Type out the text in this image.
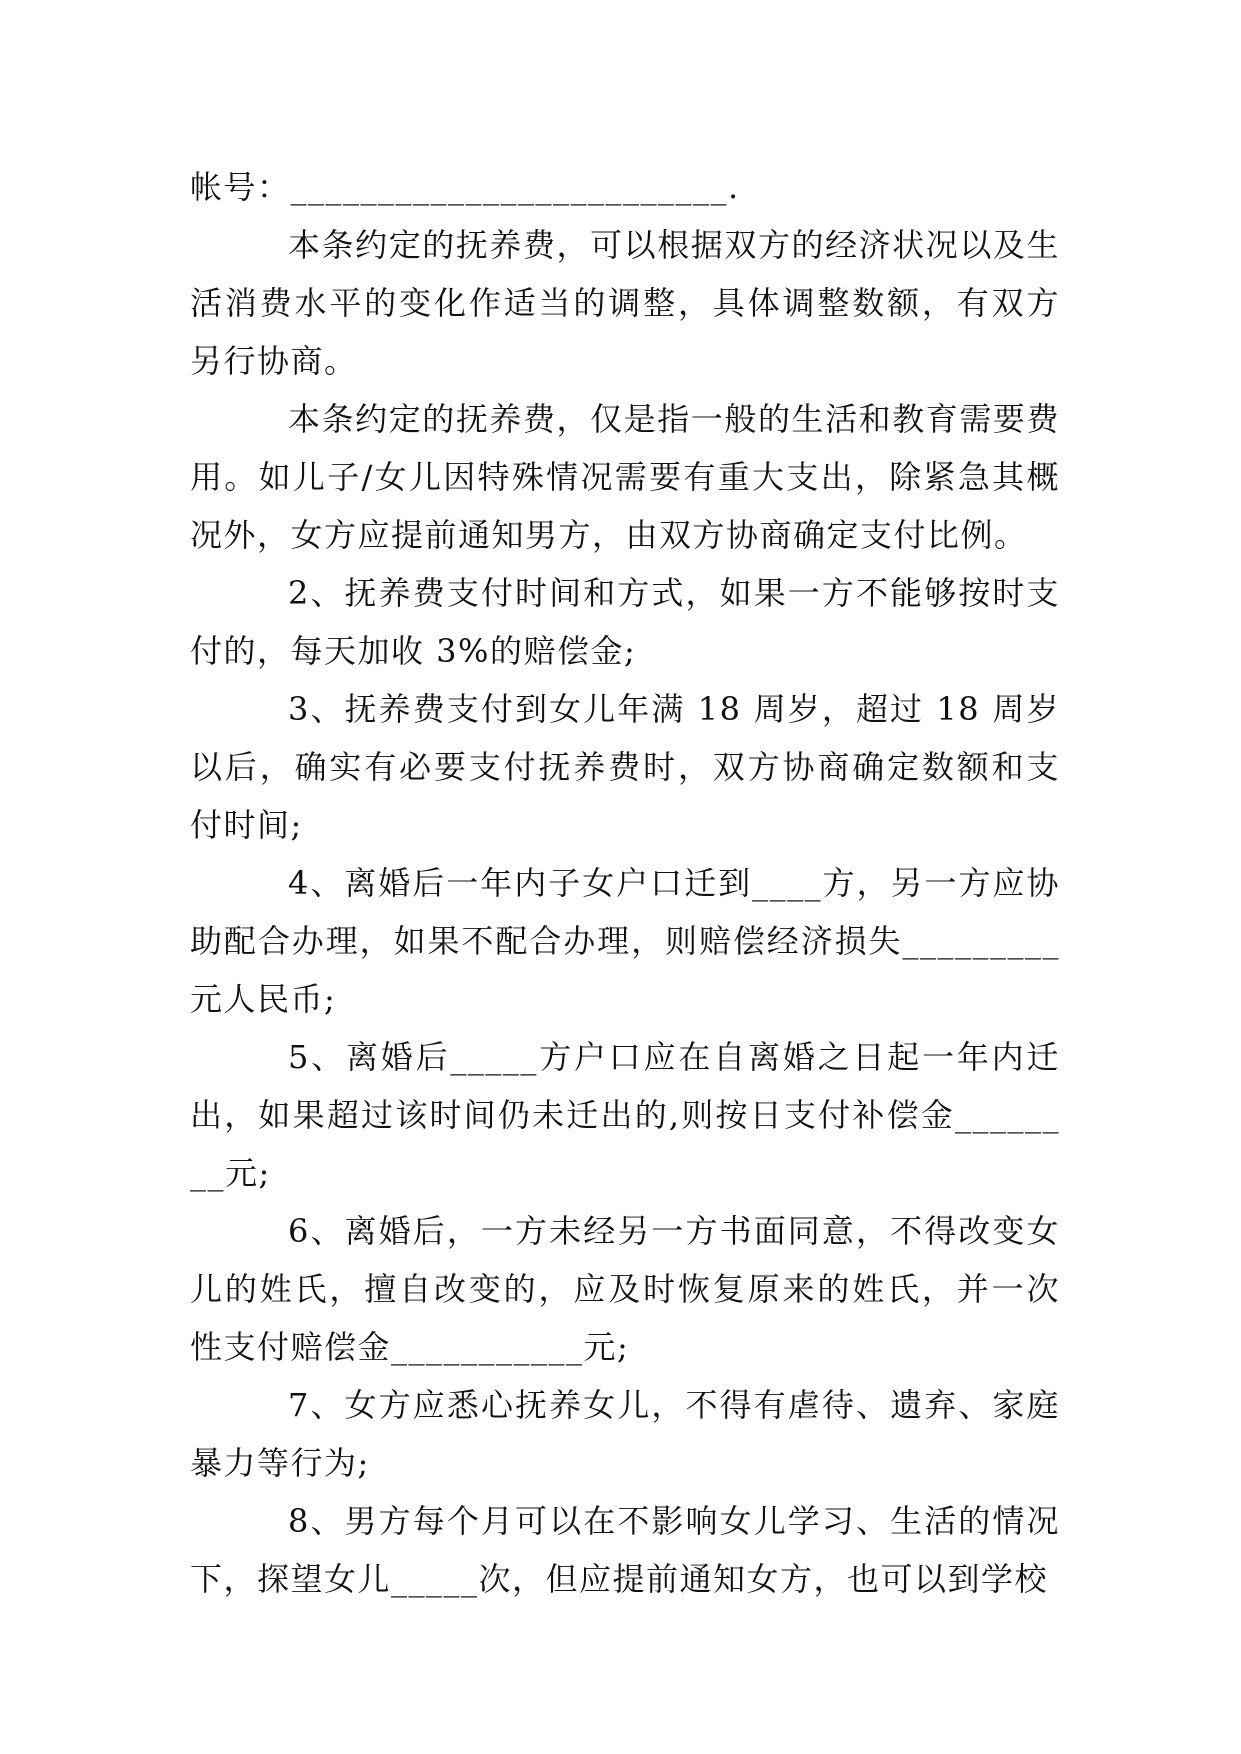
帐号：_________________________.

本条约定的抚养费，可以根据双方的经济状况以及生活消费水平的变化作适当的调整，具体调整数额，有双方另行协商。

本条约定的抚养费，仅是指一般的生活和教育需要费用。如儿子/女儿因特殊情况需要有重大支出，除紧急其概况外，女方应提前通知男方，由双方协商确定支付比例。

2、抚养费支付时间和方式，如果一方不能够按时支付的，每天加收 3%的赔偿金;

3、抚养费支付到女儿年满 18 周岁，超过 18 周岁以后，确实有必要支付抚养费时，双方协商确定数额和支付时间;

4、离婚后一年内子女户口迁到____方，另一方应协助配合办理，如果不配合办理，则赔偿经济损失_________元人民币;

5、离婚后_____方户口应在自离婚之日起一年内迁出，如果超过该时间仍未迁出的,则按日支付补偿金________元;

6、离婚后，一方未经另一方书面同意，不得改变女儿的姓氏，擅自改变的，应及时恢复原来的姓氏，并一次性支付赔偿金___________元;

7、女方应悉心抚养女儿，不得有虐待、遗弃、家庭暴力等行为;

8、男方每个月可以在不影响女儿学习、生活的情况下，探望女儿_____次，但应提前通知女方，也可以到学校
